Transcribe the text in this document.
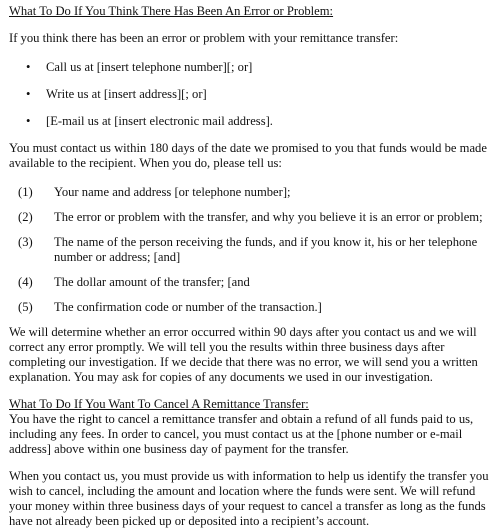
What To Do If You Think There Has Been An Error or Problem:

If you think there has been an error or problem with your remittance transfer:

• Call us at [insert telephone number][; or]
• Write us at [insert address][; or]
• [E-mail us at [insert electronic mail address].

You must contact us within 180 days of the date we promised to you that funds would be made available to the recipient. When you do, please tell us:

(1) Your name and address [or telephone number];
(2) The error or problem with the transfer, and why you believe it is an error or problem;
(3) The name of the person receiving the funds, and if you know it, his or her telephone number or address; [and]
(4) The dollar amount of the transfer; [and
(5) The confirmation code or number of the transaction.]

We will determine whether an error occurred within 90 days after you contact us and we will correct any error promptly. We will tell you the results within three business days after completing our investigation. If we decide that there was no error, we will send you a written explanation. You may ask for copies of any documents we used in our investigation.

What To Do If You Want To Cancel A Remittance Transfer:

You have the right to cancel a remittance transfer and obtain a refund of all funds paid to us, including any fees. In order to cancel, you must contact us at the [phone number or e-mail address] above within one business day of payment for the transfer.

When you contact us, you must provide us with information to help us identify the transfer you wish to cancel, including the amount and location where the funds were sent. We will refund your money within three business days of your request to cancel a transfer as long as the funds have not already been picked up or deposited into a recipient’s account.
